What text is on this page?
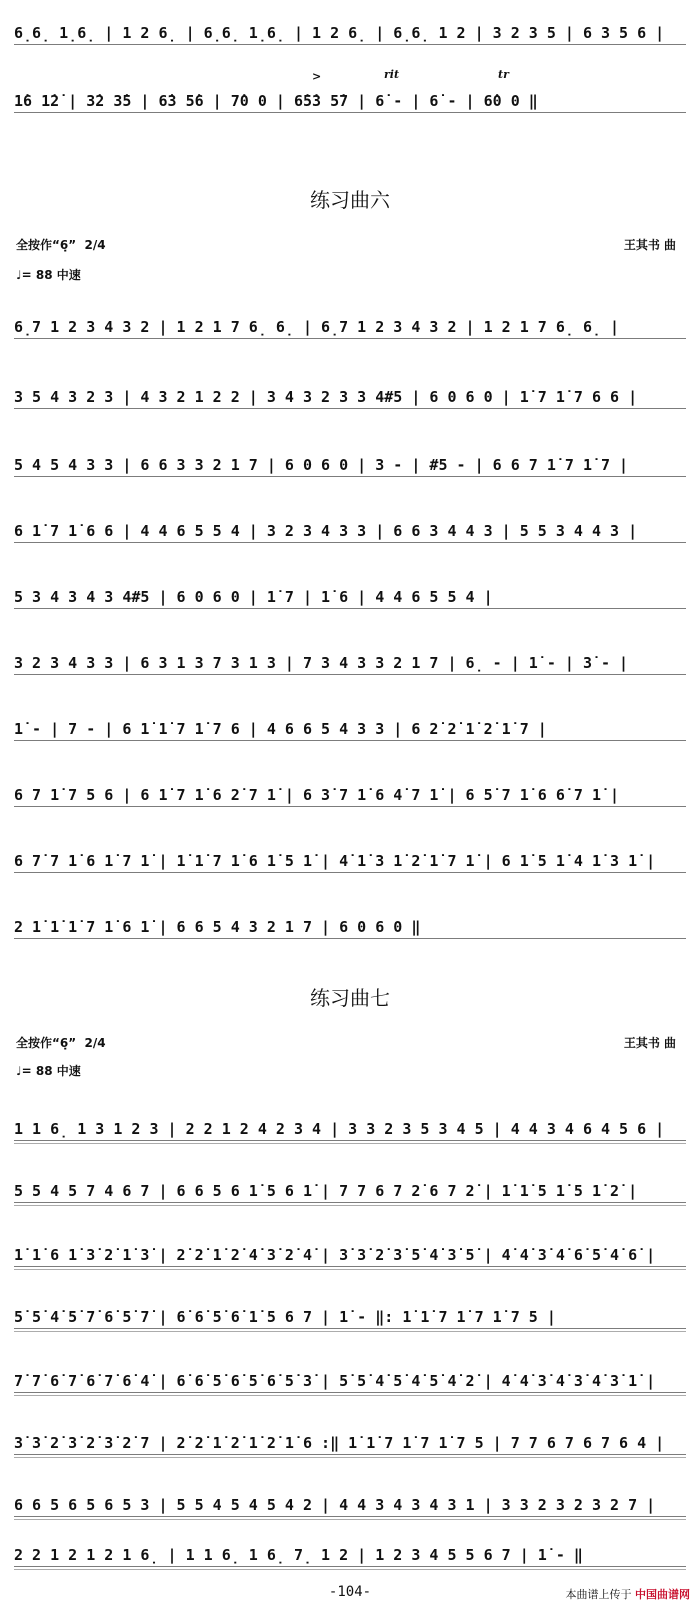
6̣6̣ 1̣6̣ | 1 2 6̣ | 6̣6̣ 1̣6̣ | 1 2 6̣ | 6̣6̣ 1 2 | 3 2 3 5 | 6 3 5 6 |

>	rit	tr

1̇6 1̇2̇ | 3̇2 3̇5 | 6̇3 5̇6 | 7̇0 0 | 6̇5̇3 5̇7 | 6̇ - | 6̇ - | 6̇0 0 ‖

练习曲六
全按作“6̣” 2/4	王其书 曲
♩= 88 中速
6̣7 1 2 3 4 3 2 | 1 2 1 7 6̣ 6̣ | 6̣7 1 2 3 4 3 2 | 1 2 1 7 6̣ 6̣ |
3 5 4 3 2 3 | 4 3 2 1 2 2 | 3 4 3 2 3 3 4#5 | 6 0 6 0 | 1̇ 7 1̇ 7 6 6 |
5 4 5 4 3 3 | 6 6 3 3 2 1 7 | 6 0 6 0 | 3 - | #5 - | 6 6 7 1̇ 7 1̇ 7 |
6 1̇ 7 1̇ 6 6 | 4 4 6 5 5 4 | 3 2 3 4 3 3 | 6 6 3 4 4 3 | 5 5 3 4 4 3 |
5 3 4 3 4 3 4#5 | 6 0 6 0 | 1̇ 7 | 1̇ 6 | 4 4 6 5 5 4 |
3 2 3 4 3 3 | 6 3 1 3 7 3 1 3 | 7 3 4 3 3 2 1 7 | 6̣ - | 1̇ - | 3̇ - |
1̇ - | 7 - | 6 1̇ 1̇ 7 1̇ 7 6 | 4 6 6 5 4 3 3 | 6 2̇ 2̇ 1̇ 2̇ 1̇ 7 |
6 7 1̇ 7 5 6 | 6 1̇ 7 1̇ 6 2̇ 7 1̇ | 6 3̇ 7 1̇ 6 4̇ 7 1̇ | 6 5̇ 7 1̇ 6 6̇ 7 1̇ |
6 7̇ 7 1̇ 6 1̇ 7 1̇ | 1̇ 1̇ 7 1̇ 6 1̇ 5 1̇ | 4̇ 1̇ 3 1̇ 2̇ 1̇ 7 1̇ | 6 1̇ 5 1̇ 4 1̇ 3 1̇ |
2 1̇ 1̇ 1̇ 7 1̇ 6 1̇ | 6 6 5 4 3 2 1 7 | 6 0 6 0 ‖
练习曲七
全按作“6̣” 2/4	王其书 曲
♩= 88 中速
1 1 6̣ 1 3 1 2 3 | 2 2 1 2 4 2 3 4 | 3 3 2 3 5 3 4 5 | 4 4 3 4 6 4 5 6 |
5 5 4 5 7 4 6 7 | 6 6 5 6 1̇ 5 6 1̇ | 7 7 6 7 2̇ 6 7 2̇ | 1̇ 1̇ 5 1̇ 5 1̇ 2̇ |
1̇ 1̇ 6 1̇ 3̇ 2̇ 1̇ 3̇ | 2̇ 2̇ 1̇ 2̇ 4̇ 3̇ 2̇ 4̇ | 3̇ 3̇ 2̇ 3̇ 5̇ 4̇ 3̇ 5̇ | 4̇ 4̇ 3̇ 4̇ 6̇ 5̇ 4̇ 6̇ |
5̇ 5̇ 4̇ 5̇ 7̇ 6̇ 5̇ 7̇ | 6̇ 6̇ 5̇ 6̇ 1̇ 5 6 7 | 1̇ - ‖: 1̇ 1̇ 7 1̇ 7 1̇ 7 5 |
7̇ 7̇ 6̇ 7̇ 6̇ 7̇ 6̇ 4̇ | 6̇ 6̇ 5̇ 6̇ 5̇ 6̇ 5̇ 3̇ | 5̇ 5̇ 4̇ 5̇ 4̇ 5̇ 4̇ 2̇ | 4̇ 4̇ 3̇ 4̇ 3̇ 4̇ 3̇ 1̇ |
3̇ 3̇ 2̇ 3̇ 2̇ 3̇ 2̇ 7 | 2̇ 2̇ 1̇ 2̇ 1̇ 2̇ 1̇ 6 :‖ 1̇ 1̇ 7 1̇ 7 1̇ 7 5 | 7 7 6 7 6 7 6 4 |
6 6 5 6 5 6 5 3 | 5 5 4 5 4 5 4 2 | 4 4 3 4 3 4 3 1 | 3 3 2 3 2 3 2 7 |
2 2 1 2 1 2 1 6̣ | 1 1 6̣ 1 6̣ 7̣ 1 2 | 1 2 3 4 5 5 6 7 | 1̇ - ‖
-104-	本曲谱上传于 中国曲谱网
